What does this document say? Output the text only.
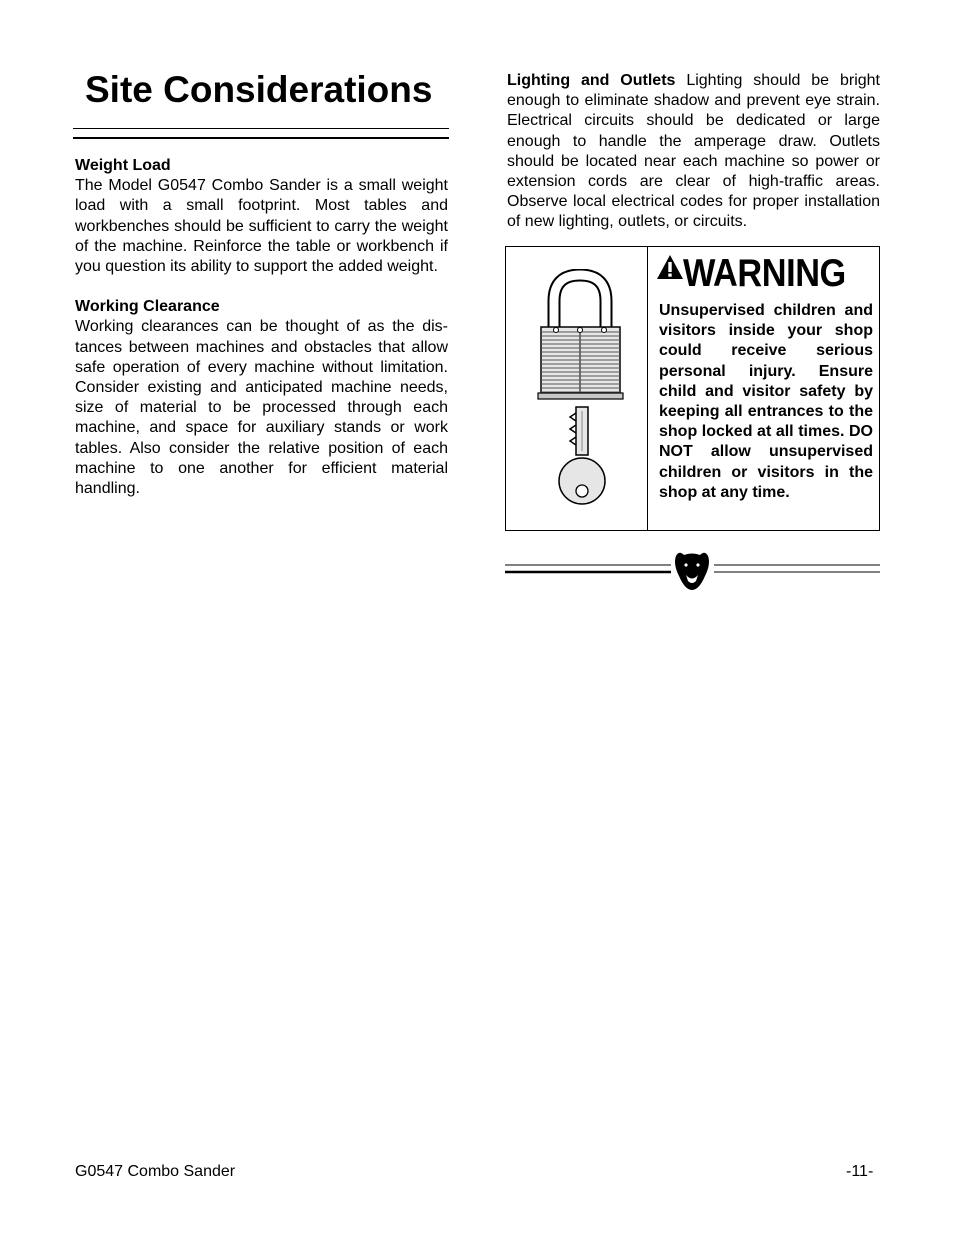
Site Considerations
Weight Load

The Model G0547 Combo Sander is a small weight load with a small footprint. Most tables and workbenches should be sufficient to carry the weight of the machine. Reinforce the table or workbench if you question its ability to support the added weight.

Working Clearance

Working clearances can be thought of as the distances between machines and obstacles that allow safe operation of every machine without limitation. Consider existing and anticipated machine needs, size of material to be processed through each machine, and space for auxiliary stands or work tables. Also consider the relative position of each machine to one another for efficient material handling.

Lighting and Outlets Lighting should be bright enough to eliminate shadow and prevent eye strain. Electrical circuits should be dedicated or large enough to handle the amperage draw. Outlets should be located near each machine so power or extension cords are clear of high-traffic areas. Observe local electrical codes for proper installation of new lighting, outlets, or circuits.

WARNING
Unsupervised children and visitors inside your shop could receive serious personal injury. Ensure child and visitor safety by keeping all entrances to the shop locked at all times. DO NOT allow unsupervised children or visitors in the shop at any time.
G0547 Combo Sander	-11-
